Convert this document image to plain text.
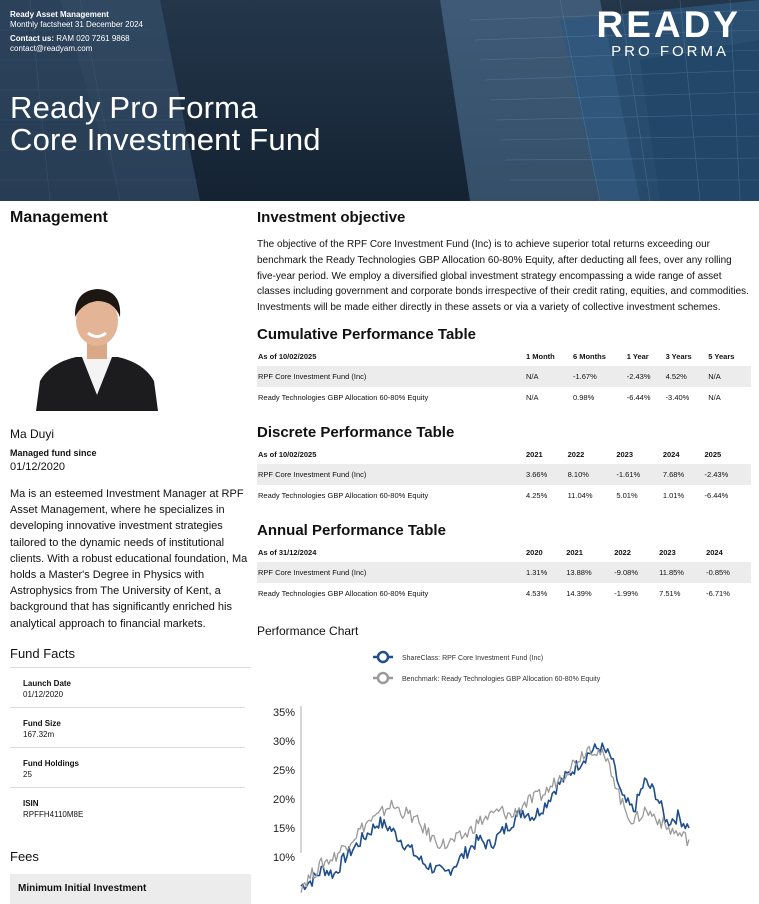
Ready Asset Management
Monthly factsheet 31 December 2024
Contact us: RAM 020 7261 9868
contact@readyam.com
Ready Pro Forma
Core Investment Fund
READY
PRO FORMA
Management
Ma Duyi
Managed fund since
01/12/2020

Ma is an esteemed Investment Manager at RPF Asset Management, where he specializes in developing innovative investment strategies tailored to the dynamic needs of institutional clients. With a robust educational foundation, Ma holds a Master's Degree in Physics with Astrophysics from The University of Kent, a background that has significantly enriched his analytical approach to financial markets.

Fund Facts
Launch Date
01/12/2020
Fund Size
167.32m
Fund Holdings
25
ISIN
RPFFH4110M8E
Fees
Minimum Initial Investment
Investment objective

The objective of the RPF Core Investment Fund (Inc) is to achieve superior total returns exceeding our benchmark the Ready Technologies GBP Allocation 60-80% Equity, after deducting all fees, over any rolling five-year period. We employ a diversified global investment strategy encompassing a wide range of asset classes including government and corporate bonds irrespective of their credit rating, equities, and commodities. Investments will be made either directly in these assets or via a variety of collective investment schemes.

Cumulative Performance Table
As of 10/02/2025	1 Month	6 Months	1 Year	3 Years	5 Years
RPF Core Investment Fund (Inc)	N/A	-1.67%	-2.43%	4.52%	N/A
Ready Technologies GBP Allocation 60-80% Equity	N/A	0.98%	-6.44%	-3.40%	N/A
Discrete Performance Table
As of 10/02/2025	2021	2022	2023	2024	2025
RPF Core Investment Fund (Inc)	3.66%	8.10%	-1.61%	7.68%	-2.43%
Ready Technologies GBP Allocation 60-80% Equity	4.25%	11.04%	5.01%	1.01%	-6.44%
Annual Performance Table
As of 31/12/2024	2020	2021	2022	2023	2024
RPF Core Investment Fund (Inc)	1.31%	13.88%	-9.08%	11.85%	-0.85%
Ready Technologies GBP Allocation 60-80% Equity	4.53%	14.39%	-1.99%	7.51%	-6.71%
Performance Chart
ShareClass: RPF Core Investment Fund (Inc)
Benchmark: Ready Technologies GBP Allocation 60-80% Equity
35%
30%
25%
20%
15%
10%
